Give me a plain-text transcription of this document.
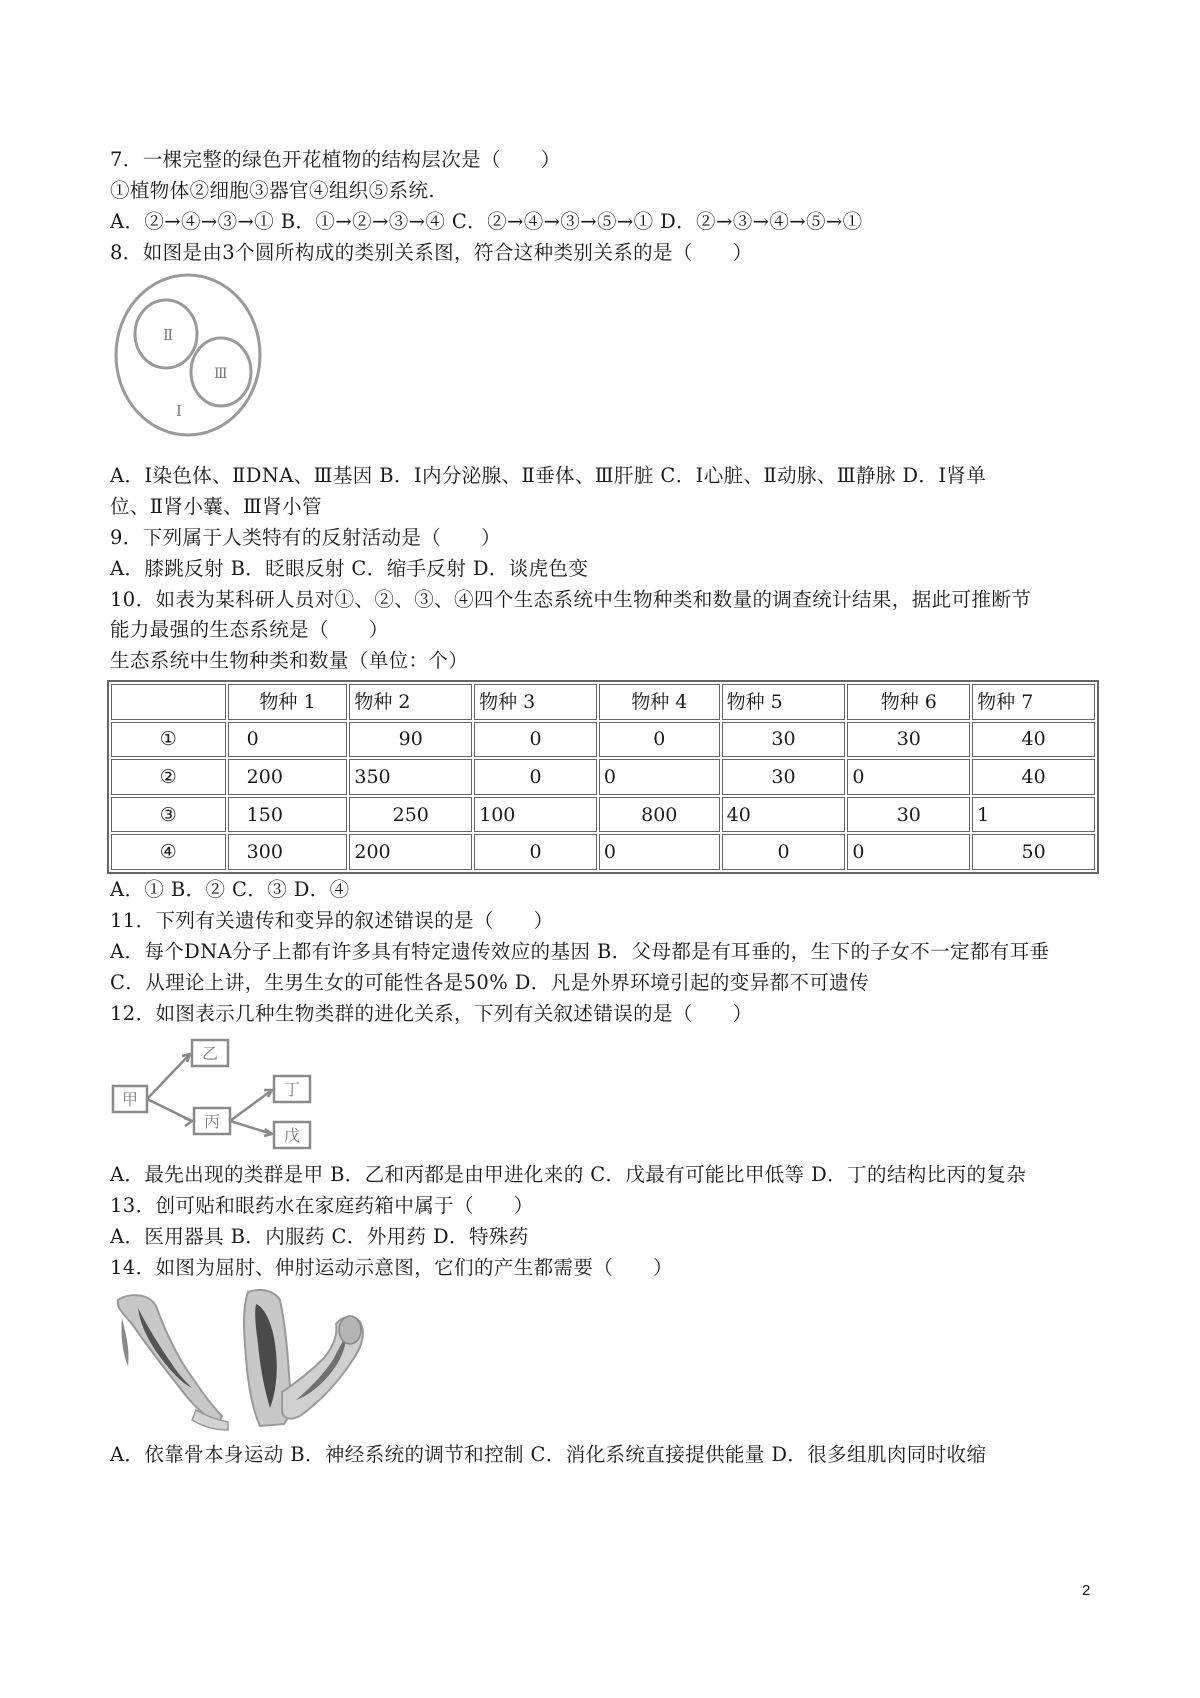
7．一棵完整的绿色开花植物的结构层次是（　　）
①植物体②细胞③器官④组织⑤系统.
A．②→④→③→① B．①→②→③→④ C．②→④→③→⑤→① D．②→③→④→⑤→①
8．如图是由3个圆所构成的类别关系图，符合这种类别关系的是（　　）
Ⅱ
Ⅲ
Ⅰ
A．Ⅰ染色体、ⅡDNA、Ⅲ基因 B．Ⅰ内分泌腺、Ⅱ垂体、Ⅲ肝脏 C．Ⅰ心脏、Ⅱ动脉、Ⅲ静脉 D．Ⅰ肾单
位、Ⅱ肾小囊、Ⅲ肾小管
9．下列属于人类特有的反射活动是（　　）
A．膝跳反射 B．眨眼反射 C．缩手反射 D．谈虎色变
10．如表为某科研人员对①、②、③、④四个生态系统中生物种类和数量的调查统计结果，据此可推断节
能力最强的生态系统是（　　）
生态系统中生物种类和数量（单位：个）
	物种 1	物种 2	物种 3	物种 4	物种 5	物种 6	物种 7
①	0	90	0	0	30	30	40
②	200	350	0	0	30	0	40
③	150	250	100	800	40	30	1
④	300	200	0	0	0	0	50
A．① B．② C．③ D．④
11．下列有关遗传和变异的叙述错误的是（　　）
A．每个DNA分子上都有许多具有特定遗传效应的基因 B．父母都是有耳垂的，生下的子女不一定都有耳垂
C．从理论上讲，生男生女的可能性各是50% D．凡是外界环境引起的变异都不可遗传
12．如图表示几种生物类群的进化关系，下列有关叙述错误的是（　　）
甲
乙
丙
丁
戊
A．最先出现的类群是甲 B．乙和丙都是由甲进化来的 C．戊最有可能比甲低等 D．丁的结构比丙的复杂
13．创可贴和眼药水在家庭药箱中属于（　　）
A．医用器具 B．内服药 C．外用药 D．特殊药
14．如图为屈肘、伸肘运动示意图，它们的产生都需要（　　）
A．依靠骨本身运动 B．神经系统的调节和控制 C．消化系统直接提供能量 D．很多组肌肉同时收缩
2
